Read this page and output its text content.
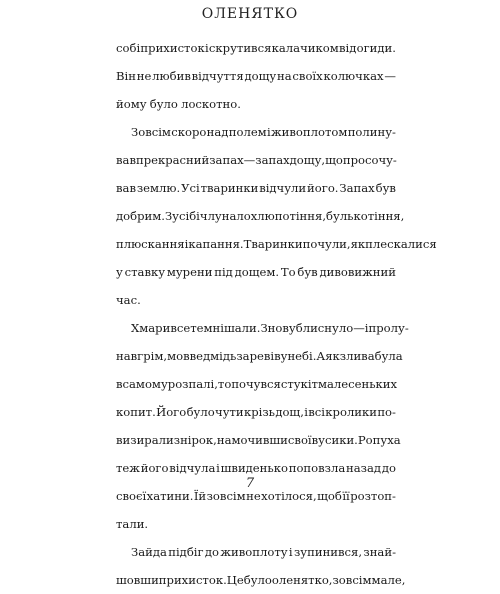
ОЛЕНЯТКО
собі прихисток і скрутився калачиком від огиди.
Він не любив відчуття дощу на своїх колючках —
йому було лоскотно.
Зовсім скоро над полем і живоплотом полину-
вав прекрасний запах — запах дощу, що просочу-
вав землю. Усі тваринки відчули його. Запах був
добрим. Зусібіч лунало хлюпотіння, булькотіння,
плюскання і капання. Тваринки почули, як плескалися
у ставку мурени під дощем. То був дивовижний
час.
Хмари все темнішали. Знову блиснуло — і пролу-
нав грім, мов ведмідь заревів у небі. А як злива була
в самому розпалі, то почувся стукіт малесеньких
копит. Його було чути крізь дощ, і всі кролики по-
визирали з нірок, намочивши свої вусики. Ропуха
теж його відчула і швиденько поповзла назад до
своєї хатини. Їй зовсім не хотілося, щоб її розтоп-
тали.
Зайда підбіг до живоплоту і зупинився, знай-
шовши прихисток. Це було оленятко, зовсім мале,
7
